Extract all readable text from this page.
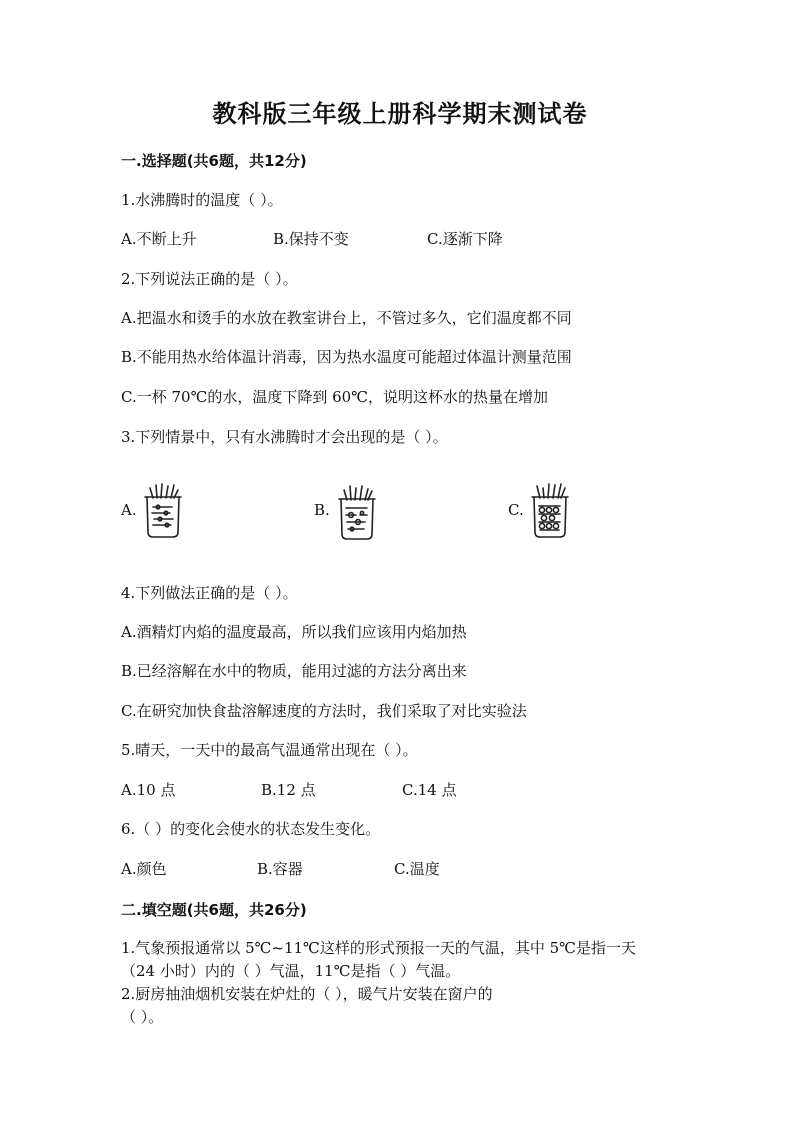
教科版三年级上册科学期末测试卷
一.选择题(共6题，共12分)
1.水沸腾时的温度（ ）。
A.不断上升	B.保持不变	C.逐渐下降
2.下列说法正确的是（ ）。
A.把温水和烫手的水放在教室讲台上，不管过多久，它们温度都不同
B.不能用热水给体温计消毒，因为热水温度可能超过体温计测量范围
C.一杯 70℃的水，温度下降到 60℃，说明这杯水的热量在增加
3.下列情景中，只有水沸腾时才会出现的是（ ）。
A.	B.	C.
4.下列做法正确的是（ ）。
A.酒精灯内焰的温度最高，所以我们应该用内焰加热
B.已经溶解在水中的物质，能用过滤的方法分离出来
C.在研究加快食盐溶解速度的方法时，我们采取了对比实验法
5.晴天，一天中的最高气温通常出现在（ ）。
A.10 点	B.12 点	C.14 点
6.（ ）的变化会使水的状态发生变化。
A.颜色	B.容器	C.温度
二.填空题(共6题，共26分)
1.气象预报通常以 5℃~11℃这样的形式预报一天的气温，其中 5℃是指一天
（24 小时）内的（ ）气温，11℃是指（ ）气温。
2.厨房抽油烟机安装在炉灶的（ ），暖气片安装在窗户的
（ ）。
